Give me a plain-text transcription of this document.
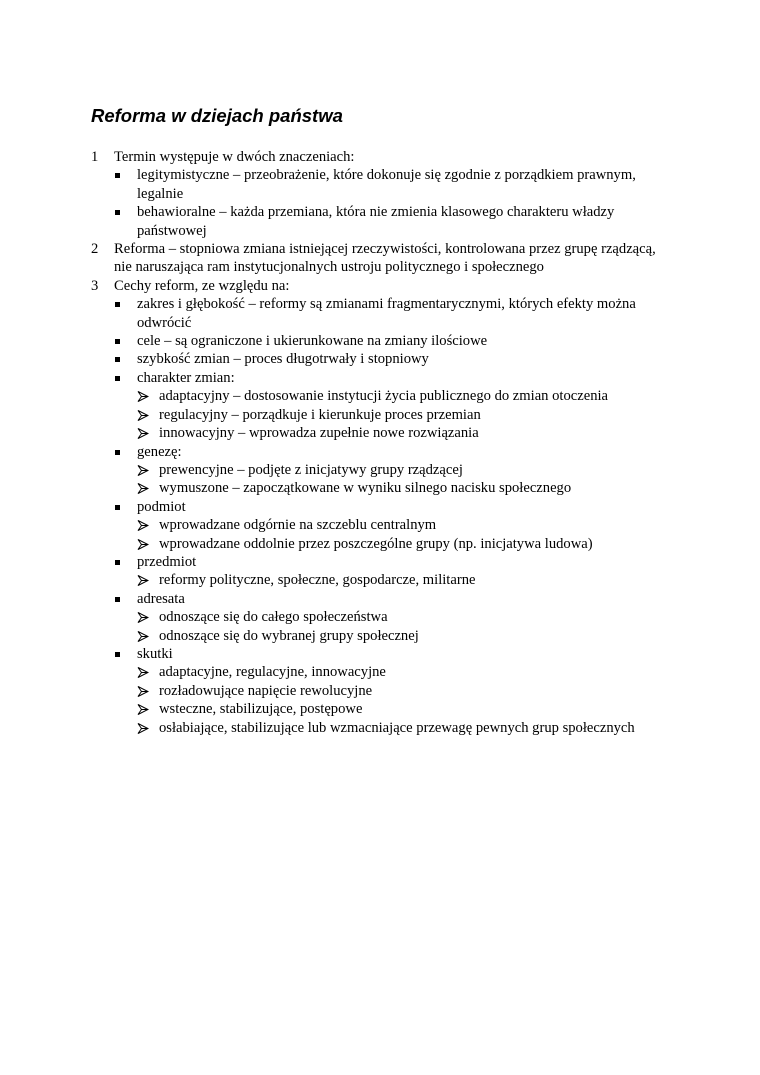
Reforma w dziejach państwa
1 Termin występuje w dwóch znaczeniach:
legitymistyczne – przeobrażenie, które dokonuje się zgodnie z porządkiem prawnym, legalnie
behawioralne – każda przemiana, która nie zmienia klasowego charakteru władzy państwowej
2 Reforma – stopniowa zmiana istniejącej rzeczywistości, kontrolowana przez grupę rządzącą, nie naruszająca ram instytucjonalnych ustroju politycznego i społecznego
3 Cechy reform, ze względu na:
zakres i głębokość – reformy są zmianami fragmentarycznymi, których efekty można odwrócić
cele – są ograniczone i ukierunkowane na zmiany ilościowe
szybkość zmian – proces długotrwały i stopniowy
charakter zmian:
adaptacyjny – dostosowanie instytucji życia publicznego do zmian otoczenia
regulacyjny – porządkuje i kierunkuje proces przemian
innowacyjny – wprowadza zupełnie nowe rozwiązania
genezę:
prewencyjne – podjęte z inicjatywy grupy rządzącej
wymuszone – zapoczątkowane w wyniku silnego nacisku społecznego
podmiot
wprowadzane odgórnie na szczeblu centralnym
wprowadzane oddolnie przez poszczególne grupy (np. inicjatywa ludowa)
przedmiot
reformy polityczne, społeczne, gospodarcze, militarne
adresata
odnoszące się do całego społeczeństwa
odnoszące się do wybranej grupy społecznej
skutki
adaptacyjne, regulacyjne, innowacyjne
rozładowujące napięcie rewolucyjne
wsteczne, stabilizujące, postępowe
osłabiające, stabilizujące lub wzmacniające przewagę pewnych grup społecznych
